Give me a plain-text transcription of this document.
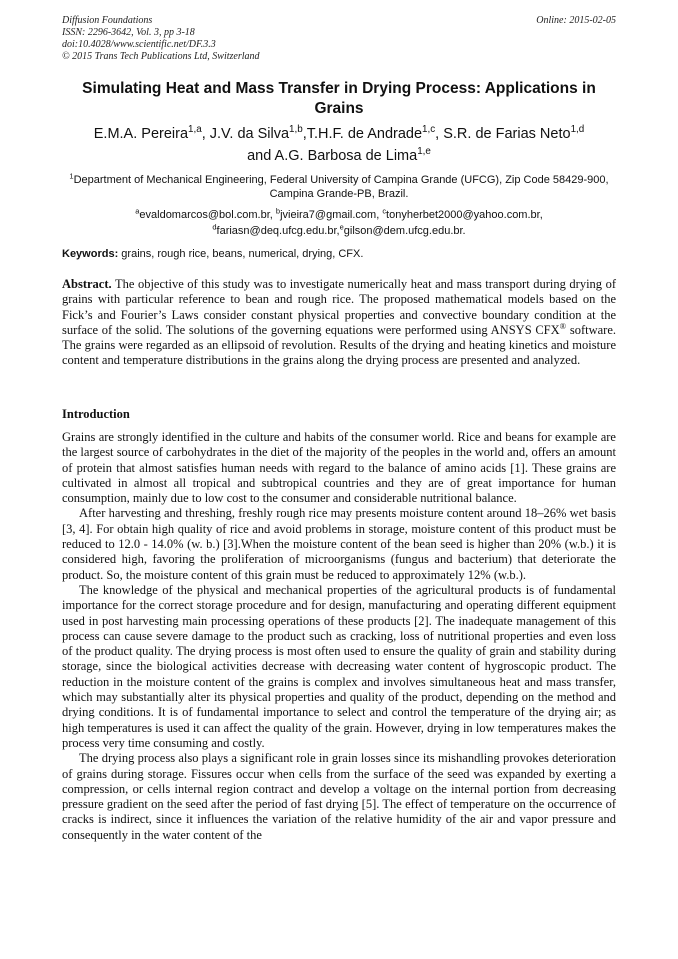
Diffusion Foundations
ISSN: 2296-3642, Vol. 3, pp 3-18
doi:10.4028/www.scientific.net/DF.3.3
© 2015 Trans Tech Publications Ltd, Switzerland
Online: 2015-02-05
Simulating Heat and Mass Transfer in Drying Process: Applications in Grains
E.M.A. Pereira$^{1,a}$, J.V. da Silva$^{1,b}$,T.H.F. de Andrade$^{1,c}$, S.R. de Farias Neto$^{1,d}$
and A.G. Barbosa de Lima$^{1,e}$
$^1$Department of Mechanical Engineering, Federal University of Campina Grande (UFCG), Zip Code 58429-900, Campina Grande-PB, Brazil.
$^a$evaldomarcos@bol.com.br, $^b$jvieira7@gmail.com, $^c$tonyherbet2000@yahoo.com.br,
$^d$fariasn@deq.ufcg.edu.br,$^e$gilson@dem.ufcg.edu.br.
Keywords: grains, rough rice, beans, numerical, drying, CFX.
Abstract. The objective of this study was to investigate numerically heat and mass transport during drying of grains with particular reference to bean and rough rice. The proposed mathematical models based on the Fick’s and Fourier’s Laws consider constant physical properties and convective boundary condition at the surface of the solid. The solutions of the governing equations were performed using ANSYS CFX® software. The grains were regarded as an ellipsoid of revolution. Results of the drying and heating kinetics and moisture content and temperature distributions in the grains along the drying process are presented and analyzed.
Introduction

Grains are strongly identified in the culture and habits of the consumer world. Rice and beans for example are the largest source of carbohydrates in the diet of the majority of the peoples in the world and, offers an amount of protein that almost satisfies human needs with regard to the balance of amino acids [1]. These grains are cultivated in almost all tropical and subtropical countries and they are of great importance for human consumption, mainly due to low cost to the consumer and considerable nutritional balance.

After harvesting and threshing, freshly rough rice may presents moisture content around 18–26% wet basis [3, 4]. For obtain high quality of rice and avoid problems in storage, moisture content of this product must be reduced to 12.0 - 14.0% (w. b.) [3].When the moisture content of the bean seed is higher than 20% (w.b.) it is considered high, favoring the proliferation of microorganisms (fungus and bacterium) that deteriorate the product. So, the moisture content of this grain must be reduced to approximately 12% (w.b.).

The knowledge of the physical and mechanical properties of the agricultural products is of fundamental importance for the correct storage procedure and for design, manufacturing and operating different equipment used in post harvesting main processing operations of these products [2]. The inadequate management of this process can cause severe damage to the product such as cracking, loss of nutritional properties and even loss of the product quality. The drying process is most often used to ensure the quality of grain and stability during storage, since the biological activities decrease with decreasing water content of hygroscopic product. The reduction in the moisture content of the grains is complex and involves simultaneous heat and mass transfer, which may substantially alter its physical properties and quality of the product, depending on the method and drying conditions. It is of fundamental importance to select and control the temperature of the drying air; as high temperatures is used it can affect the quality of the grain. However, drying in low temperatures makes the process very time consuming and costly.

The drying process also plays a significant role in grain losses since its mishandling provokes deterioration of grains during storage. Fissures occur when cells from the surface of the seed was expanded by exerting a compression, or cells internal region contract and develop a voltage on the internal portion from decreasing pressure gradient on the seed after the period of fast drying [5]. The effect of temperature on the occurrence of cracks is indirect, since it influences the variation of the relative humidity of the air and vapor pressure and consequently in the water content of the
